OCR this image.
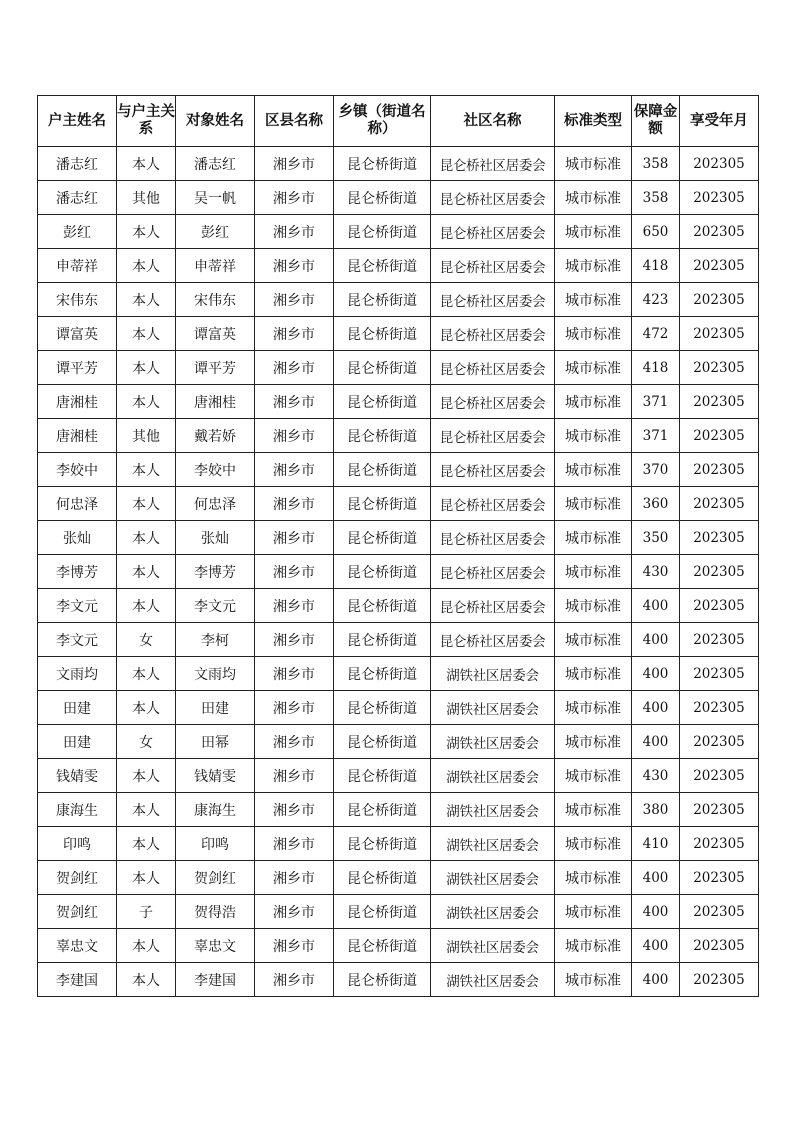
户主姓名	与户主关系	对象姓名	区县名称	乡镇（街道名称）	社区名称	标准类型	保障金额	享受年月
潘志红	本人	潘志红	湘乡市	昆仑桥街道	昆仑桥社区居委会	城市标准	358	202305
潘志红	其他	吴一帆	湘乡市	昆仑桥街道	昆仑桥社区居委会	城市标准	358	202305
彭红	本人	彭红	湘乡市	昆仑桥街道	昆仑桥社区居委会	城市标准	650	202305
申蒂祥	本人	申蒂祥	湘乡市	昆仑桥街道	昆仑桥社区居委会	城市标准	418	202305
宋伟东	本人	宋伟东	湘乡市	昆仑桥街道	昆仑桥社区居委会	城市标准	423	202305
谭富英	本人	谭富英	湘乡市	昆仑桥街道	昆仑桥社区居委会	城市标准	472	202305
谭平芳	本人	谭平芳	湘乡市	昆仑桥街道	昆仑桥社区居委会	城市标准	418	202305
唐湘桂	本人	唐湘桂	湘乡市	昆仑桥街道	昆仑桥社区居委会	城市标准	371	202305
唐湘桂	其他	戴若娇	湘乡市	昆仑桥街道	昆仑桥社区居委会	城市标准	371	202305
李姣中	本人	李姣中	湘乡市	昆仑桥街道	昆仑桥社区居委会	城市标准	370	202305
何忠泽	本人	何忠泽	湘乡市	昆仑桥街道	昆仑桥社区居委会	城市标准	360	202305
张灿	本人	张灿	湘乡市	昆仑桥街道	昆仑桥社区居委会	城市标准	350	202305
李博芳	本人	李博芳	湘乡市	昆仑桥街道	昆仑桥社区居委会	城市标准	430	202305
李文元	本人	李文元	湘乡市	昆仑桥街道	昆仑桥社区居委会	城市标准	400	202305
李文元	女	李柯	湘乡市	昆仑桥街道	昆仑桥社区居委会	城市标准	400	202305
文雨均	本人	文雨均	湘乡市	昆仑桥街道	湖铁社区居委会	城市标准	400	202305
田建	本人	田建	湘乡市	昆仑桥街道	湖铁社区居委会	城市标准	400	202305
田建	女	田幂	湘乡市	昆仑桥街道	湖铁社区居委会	城市标准	400	202305
钱婧雯	本人	钱婧雯	湘乡市	昆仑桥街道	湖铁社区居委会	城市标准	430	202305
康海生	本人	康海生	湘乡市	昆仑桥街道	湖铁社区居委会	城市标准	380	202305
印鸣	本人	印鸣	湘乡市	昆仑桥街道	湖铁社区居委会	城市标准	410	202305
贺剑红	本人	贺剑红	湘乡市	昆仑桥街道	湖铁社区居委会	城市标准	400	202305
贺剑红	子	贺得浩	湘乡市	昆仑桥街道	湖铁社区居委会	城市标准	400	202305
辜忠文	本人	辜忠文	湘乡市	昆仑桥街道	湖铁社区居委会	城市标准	400	202305
李建国	本人	李建国	湘乡市	昆仑桥街道	湖铁社区居委会	城市标准	400	202305
